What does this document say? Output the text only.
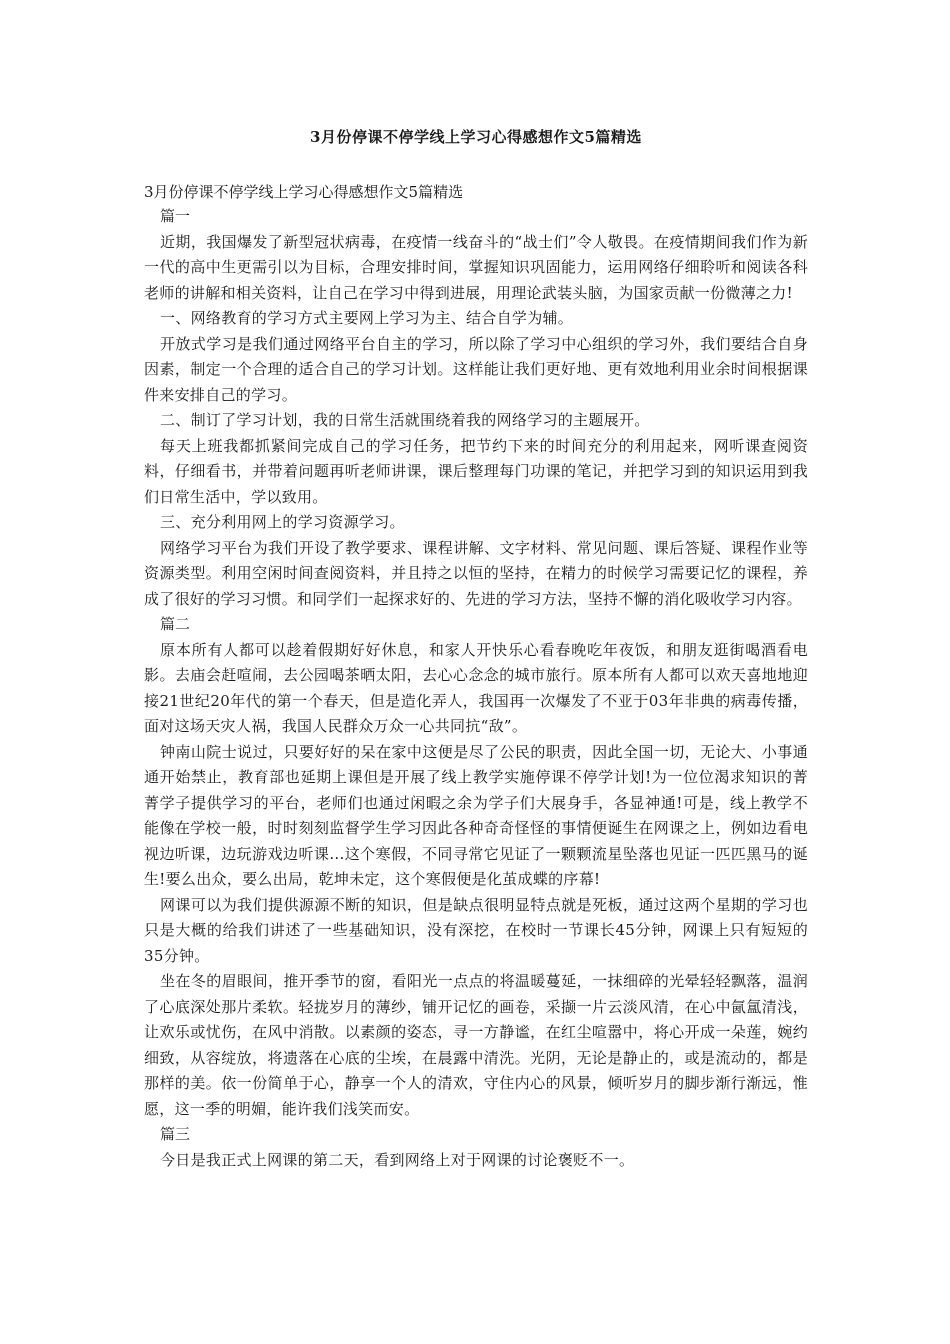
3月份停课不停学线上学习心得感想作文5篇精选

3月份停课不停学线上学习心得感想作文5篇精选

篇一

近期，我国爆发了新型冠状病毒，在疫情一线奋斗的“战士们”令人敬畏。在疫情期间我们作为新一代的高中生更需引以为目标，合理安排时间，掌握知识巩固能力，运用网络仔细聆听和阅读各科老师的讲解和相关资料，让自己在学习中得到进展，用理论武装头脑，为国家贡献一份微薄之力!

一、网络教育的学习方式主要网上学习为主、结合自学为辅。

开放式学习是我们通过网络平台自主的学习，所以除了学习中心组织的学习外，我们要结合自身因素，制定一个合理的适合自己的学习计划。这样能让我们更好地、更有效地利用业余时间根据课件来安排自己的学习。

二、制订了学习计划，我的日常生活就围绕着我的网络学习的主题展开。

每天上班我都抓紧间完成自己的学习任务，把节约下来的时间充分的利用起来，网听课查阅资料，仔细看书，并带着问题再听老师讲课，课后整理每门功课的笔记，并把学习到的知识运用到我们日常生活中，学以致用。

三、充分利用网上的学习资源学习。

网络学习平台为我们开设了教学要求、课程讲解、文字材料、常见问题、课后答疑、课程作业等资源类型。利用空闲时间查阅资料，并且持之以恒的坚持，在精力的时候学习需要记忆的课程，养成了很好的学习习惯。和同学们一起探求好的、先进的学习方法，坚持不懈的消化吸收学习内容。

篇二

原本所有人都可以趁着假期好好休息，和家人开快乐心看春晚吃年夜饭，和朋友逛街喝酒看电影。去庙会赶喧闹，去公园喝茶晒太阳，去心心念念的城市旅行。原本所有人都可以欢天喜地地迎接21世纪20年代的第一个春天，但是造化弄人，我国再一次爆发了不亚于03年非典的病毒传播，面对这场天灾人祸，我国人民群众万众一心共同抗“敌”。

钟南山院士说过，只要好好的呆在家中这便是尽了公民的职责，因此全国一切，无论大、小事通通开始禁止，教育部也延期上课但是开展了线上教学实施停课不停学计划!为一位位渴求知识的菁菁学子提供学习的平台，老师们也通过闲暇之余为学子们大展身手，各显神通!可是，线上教学不能像在学校一般，时时刻刻监督学生学习因此各种奇奇怪怪的事情便诞生在网课之上，例如边看电视边听课，边玩游戏边听课...这个寒假，不同寻常它见证了一颗颗流星坠落也见证一匹匹黑马的诞生!要么出众，要么出局，乾坤未定，这个寒假便是化茧成蝶的序幕!

网课可以为我们提供源源不断的知识，但是缺点很明显特点就是死板，通过这两个星期的学习也只是大概的给我们讲述了一些基础知识，没有深挖，在校时一节课长45分钟，网课上只有短短的35分钟。

坐在冬的眉眼间，推开季节的窗，看阳光一点点的将温暖蔓延，一抹细碎的光晕轻轻飘落，温润了心底深处那片柔软。轻拢岁月的薄纱，铺开记忆的画卷，采撷一片云淡风清，在心中氤氲清浅，让欢乐或忧伤，在风中消散。以素颜的姿态，寻一方静谧，在红尘喧嚣中，将心开成一朵莲，婉约细致，从容绽放，将遗落在心底的尘埃，在晨露中清洗。光阴，无论是静止的，或是流动的，都是那样的美。依一份简单于心，静享一个人的清欢，守住内心的风景，倾听岁月的脚步渐行渐远，惟愿，这一季的明媚，能许我们浅笑而安。

篇三

今日是我正式上网课的第二天，看到网络上对于网课的讨论褒贬不一。
